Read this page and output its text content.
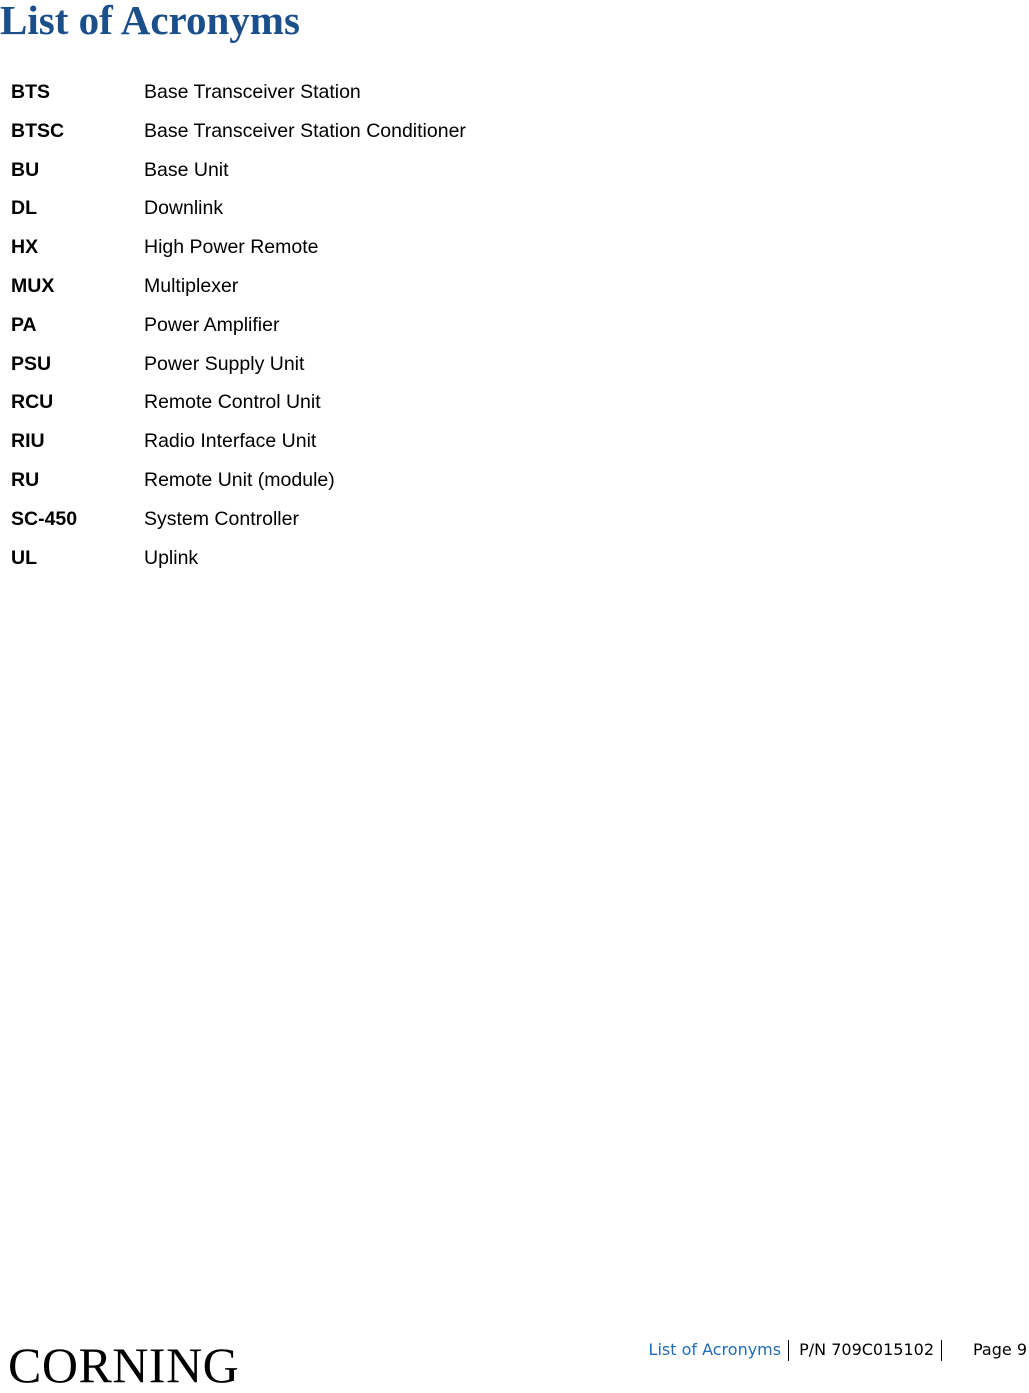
List of Acronyms
BTS	Base Transceiver Station
BTSC	Base Transceiver Station Conditioner
BU	Base Unit
DL	Downlink
HX	High Power Remote
MUX	Multiplexer
PA	Power Amplifier
PSU	Power Supply Unit
RCU	Remote Control Unit
RIU	Radio Interface Unit
RU	Remote Unit (module)
SC-450	System Controller
UL	Uplink
CORNING	List of Acronyms	P/N 709C015102	Page 9
